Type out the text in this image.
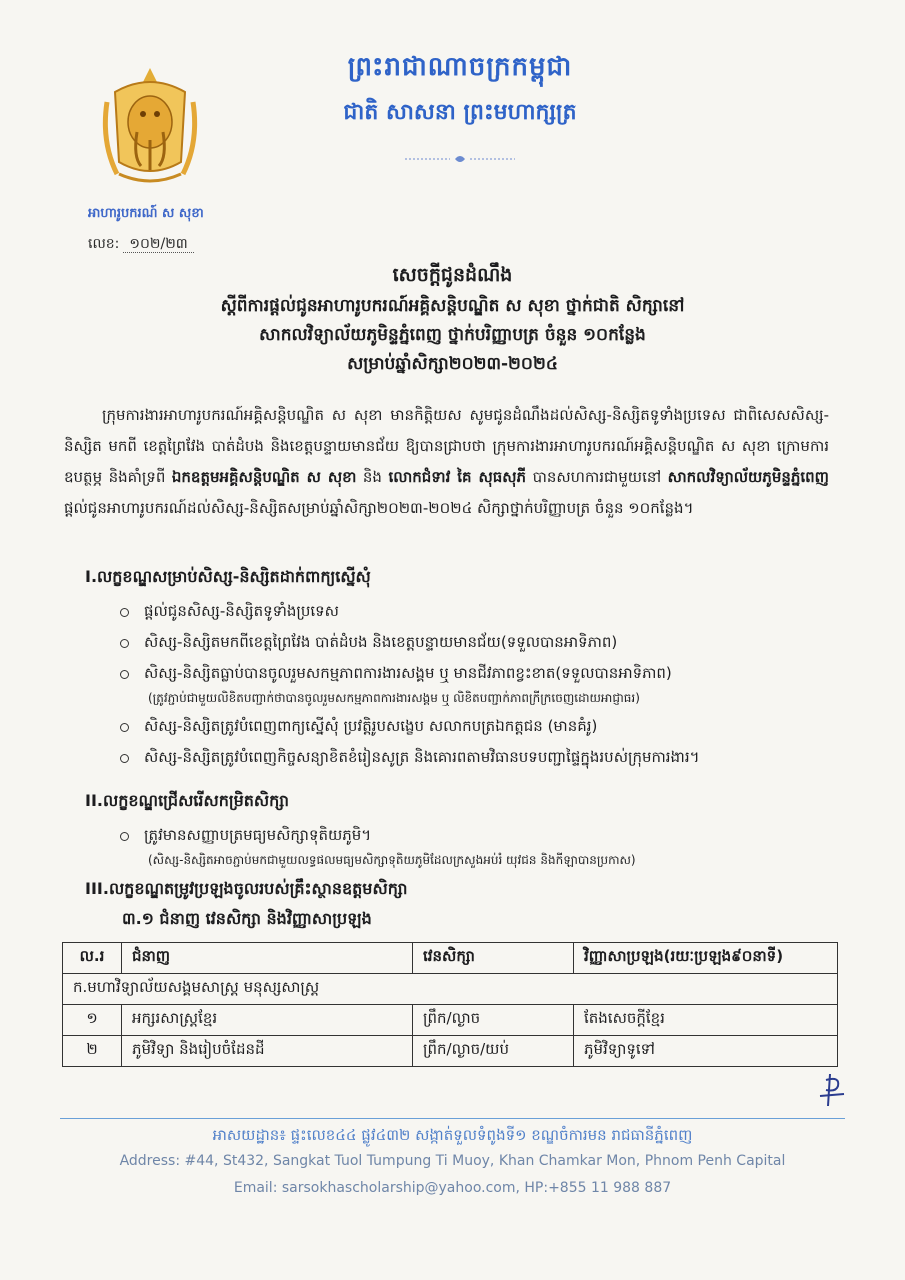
ព្រះរាជាណាចក្រកម្ពុជា
ជាតិ សាសនា ព្រះមហាក្សត្រ
អាហារូបករណ៍ ស សុខា
លេខ: ១០២/២៣
សេចក្តីជូនដំណឹង
ស្តីពីការផ្តល់ជូនអាហារូបករណ៍អគ្គិសន្តិបណ្ឌិត ស សុខា ថ្នាក់ជាតិ សិក្សានៅ
សាកលវិទ្យាល័យភូមិន្ទភ្នំពេញ ថ្នាក់បរិញ្ញាបត្រ ចំនួន ១០កន្លែង
សម្រាប់ឆ្នាំសិក្សា២០២៣-២០២៤

ក្រុមការងារអាហារូបករណ៍អគ្គិសន្តិបណ្ឌិត ស សុខា មានកិត្តិយស សូមជូនដំណឹងដល់សិស្ស-និស្សិតទូទាំងប្រទេស ជាពិសេសសិស្ស-និស្សិត មកពី ខេត្តព្រៃវែង បាត់ដំបង និងខេត្តបន្ទាយមានជ័យ ឱ្យបានជ្រាបថា ក្រុមការងារអាហារូបករណ៍អគ្គិសន្តិបណ្ឌិត ស សុខា ក្រោមការឧបត្ថម្ភ និងគាំទ្រពី ឯកឧត្តមអគ្គិសន្តិបណ្ឌិត ស សុខា និង លោកជំទាវ គៃ សុធសុភី បានសហការជាមួយនៅ សាកលវិទ្យាល័យភូមិន្ទភ្នំពេញ ផ្តល់ជូនអាហារូបករណ៍ដល់សិស្ស-និស្សិតសម្រាប់ឆ្នាំសិក្សា២០២៣-២០២៤ សិក្សាថ្នាក់បរិញ្ញាបត្រ ចំនួន ១០កន្លែង។

I.លក្ខខណ្ឌសម្រាប់សិស្ស-និស្សិតដាក់ពាក្យស្នើសុំ
ផ្តល់ជូនសិស្ស-និស្សិតទូទាំងប្រទេស
សិស្ស-និស្សិតមកពីខេត្តព្រៃវែង បាត់ដំបង និងខេត្តបន្ទាយមានជ័យ(ទទួលបានអាទិភាព)
សិស្ស-និស្សិតធ្លាប់បានចូលរួមសកម្មភាពការងារសង្គម ឬ មានជីវភាពខ្វះខាត(ទទួលបានអាទិភាព)
(ត្រូវភ្ជាប់ជាមួយលិខិតបញ្ជាក់ថាបានចូលរួមសកម្មភាពការងារសង្គម ឬ លិខិតបញ្ជាក់ភាពក្រីក្រចេញដោយអាជ្ញាធរ)
សិស្ស-និស្សិតត្រូវបំពេញពាក្យស្នើសុំ ប្រវត្តិរូបសង្ខេប សលាកបត្រឯកត្តជន (មានគំរូ)
សិស្ស-និស្សិតត្រូវបំពេញកិច្ចសន្យាខិតខំរៀនសូត្រ និងគោរពតាមវិធានបទបញ្ជាផ្ទៃក្នុងរបស់ក្រុមការងារ។
II.លក្ខខណ្ឌជ្រើសរើសកម្រិតសិក្សា
ត្រូវមានសញ្ញាបត្រមធ្យមសិក្សាទុតិយភូមិ។
(សិស្ស-និស្សិតអាចភ្ជាប់មកជាមួយលទ្ធផលមធ្យមសិក្សាទុតិយភូមិដែលក្រសួងអប់រំ យុវជន និងកីឡាបានប្រកាស)
III.លក្ខខណ្ឌតម្រូវប្រឡងចូលរបស់គ្រឹះស្ថានឧត្តមសិក្សា
៣.១ ជំនាញ វេនសិក្សា និងវិញ្ញាសាប្រឡង
ល.រ	ជំនាញ	វេនសិក្សា	វិញ្ញាសាប្រឡង(រយៈប្រឡង៩០នាទី)
ក.មហាវិទ្យាល័យសង្គមសាស្ត្រ មនុស្សសាស្ត្រ			
១	អក្សរសាស្ត្រខ្មែរ	ព្រឹក/ល្ងាច	តែងសេចក្តីខ្មែរ
២	ភូមិវិទ្យា និងរៀបចំដែនដី	ព្រឹក/ល្ងាច/យប់	ភូមិវិទ្យាទូទៅ
អាសយដ្ឋាន៖ ផ្ទះលេខ៤៤ ផ្លូវ៤៣២ សង្កាត់ទួលទំពូងទី១ ខណ្ឌចំការមន រាជធានីភ្នំពេញ
Address: #44, St432, Sangkat Tuol Tumpung Ti Muoy, Khan Chamkar Mon, Phnom Penh Capital
Email: sarsokhascholarship@yahoo.com, HP:+855 11 988 887
